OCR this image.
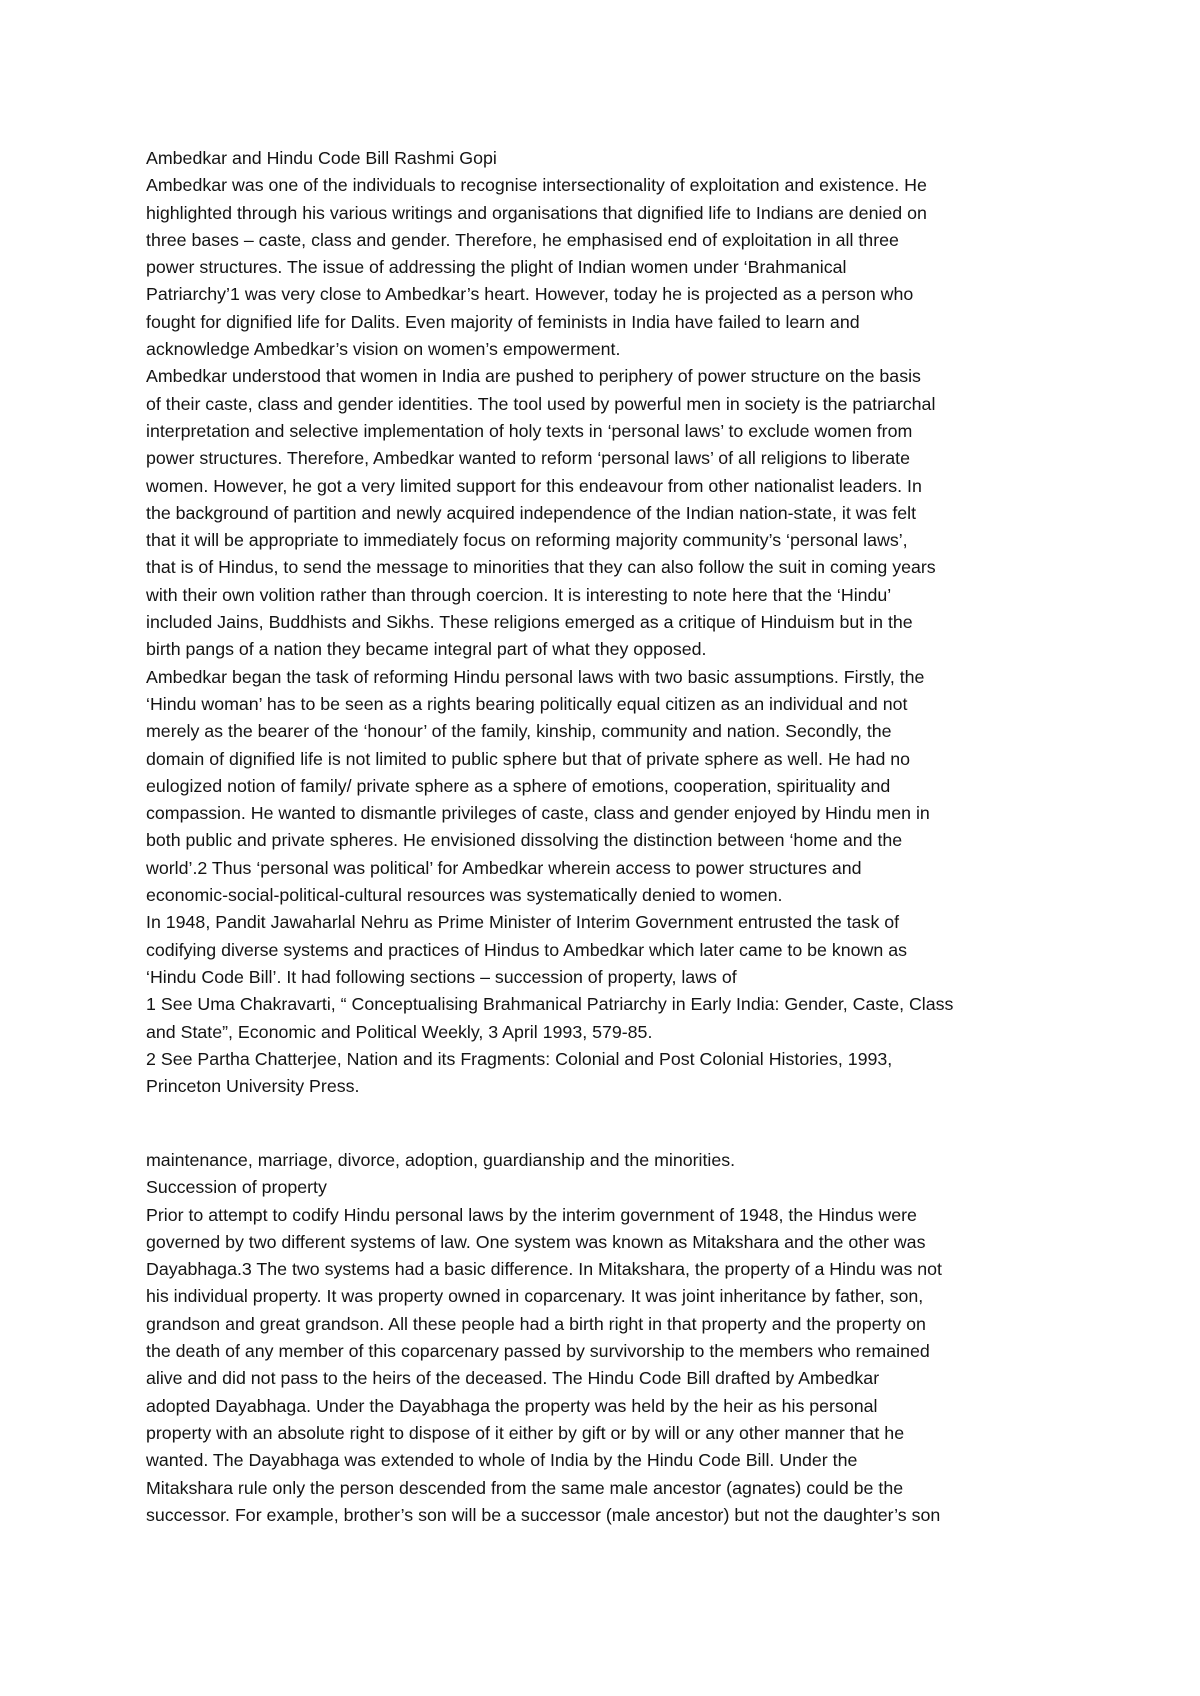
Ambedkar and Hindu Code Bill Rashmi Gopi
Ambedkar was one of the individuals to recognise intersectionality of exploitation and existence. He
highlighted through his various writings and organisations that dignified life to Indians are denied on
three bases – caste, class and gender. Therefore, he emphasised end of exploitation in all three
power structures. The issue of addressing the plight of Indian women under ‘Brahmanical
Patriarchy’1 was very close to Ambedkar’s heart. However, today he is projected as a person who
fought for dignified life for Dalits. Even majority of feminists in India have failed to learn and
acknowledge Ambedkar’s vision on women’s empowerment.
Ambedkar understood that women in India are pushed to periphery of power structure on the basis
of their caste, class and gender identities. The tool used by powerful men in society is the patriarchal
interpretation and selective implementation of holy texts in ‘personal laws’ to exclude women from
power structures. Therefore, Ambedkar wanted to reform ‘personal laws’ of all religions to liberate
women. However, he got a very limited support for this endeavour from other nationalist leaders. In
the background of partition and newly acquired independence of the Indian nation-state, it was felt
that it will be appropriate to immediately focus on reforming majority community’s ‘personal laws’,
that is of Hindus, to send the message to minorities that they can also follow the suit in coming years
with their own volition rather than through coercion. It is interesting to note here that the ‘Hindu’
included Jains, Buddhists and Sikhs. These religions emerged as a critique of Hinduism but in the
birth pangs of a nation they became integral part of what they opposed.
Ambedkar began the task of reforming Hindu personal laws with two basic assumptions. Firstly, the
‘Hindu woman’ has to be seen as a rights bearing politically equal citizen as an individual and not
merely as the bearer of the ‘honour’ of the family, kinship, community and nation. Secondly, the
domain of dignified life is not limited to public sphere but that of private sphere as well. He had no
eulogized notion of family/ private sphere as a sphere of emotions, cooperation, spirituality and
compassion. He wanted to dismantle privileges of caste, class and gender enjoyed by Hindu men in
both public and private spheres. He envisioned dissolving the distinction between ‘home and the
world’.2 Thus ‘personal was political’ for Ambedkar wherein access to power structures and
economic-social-political-cultural resources was systematically denied to women.
In 1948, Pandit Jawaharlal Nehru as Prime Minister of Interim Government entrusted the task of
codifying diverse systems and practices of Hindus to Ambedkar which later came to be known as
‘Hindu Code Bill’. It had following sections – succession of property, laws of
1 See Uma Chakravarti, “ Conceptualising Brahmanical Patriarchy in Early India: Gender, Caste, Class
and State”, Economic and Political Weekly, 3 April 1993, 579-85.
2 See Partha Chatterjee, Nation and its Fragments: Colonial and Post Colonial Histories, 1993,
Princeton University Press.
maintenance, marriage, divorce, adoption, guardianship and the minorities.
Succession of property
Prior to attempt to codify Hindu personal laws by the interim government of 1948, the Hindus were
governed by two different systems of law. One system was known as Mitakshara and the other was
Dayabhaga.3 The two systems had a basic difference. In Mitakshara, the property of a Hindu was not
his individual property. It was property owned in coparcenary. It was joint inheritance by father, son,
grandson and great grandson. All these people had a birth right in that property and the property on
the death of any member of this coparcenary passed by survivorship to the members who remained
alive and did not pass to the heirs of the deceased. The Hindu Code Bill drafted by Ambedkar
adopted Dayabhaga. Under the Dayabhaga the property was held by the heir as his personal
property with an absolute right to dispose of it either by gift or by will or any other manner that he
wanted. The Dayabhaga was extended to whole of India by the Hindu Code Bill. Under the
Mitakshara rule only the person descended from the same male ancestor (agnates) could be the
successor. For example, brother’s son will be a successor (male ancestor) but not the daughter’s son
